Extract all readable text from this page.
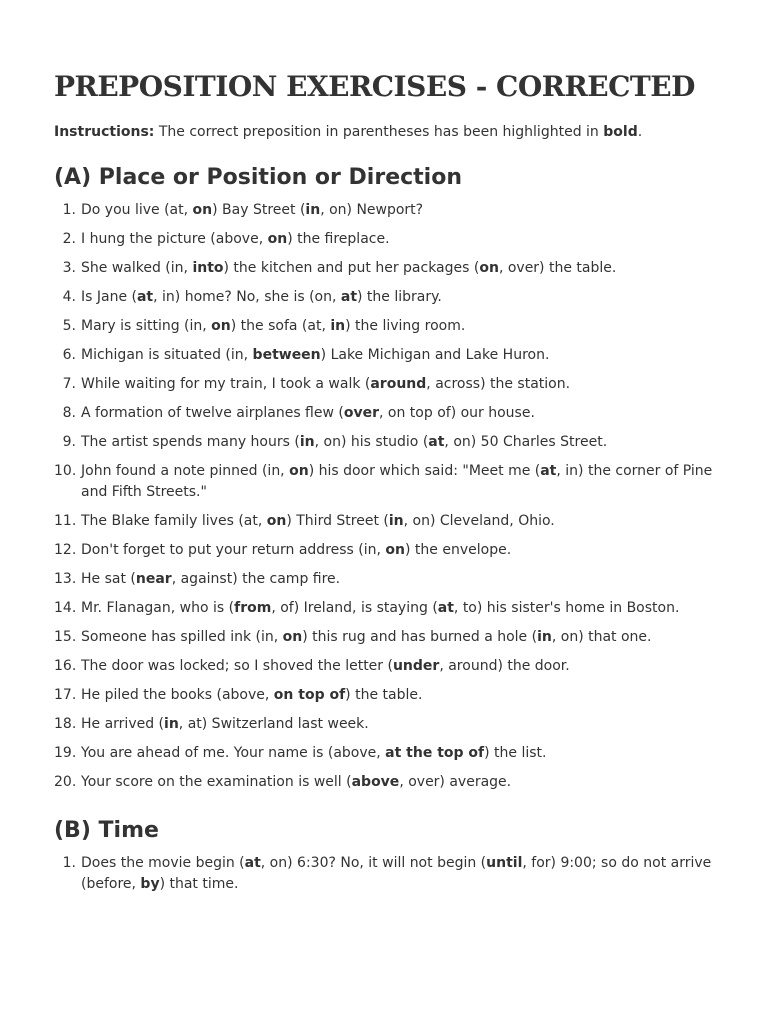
PREPOSITION EXERCISES - CORRECTED

Instructions: The correct preposition in parentheses has been highlighted in bold.

(A) Place or Position or Direction
1. Do you live (at, on) Bay Street (in, on) Newport?
2. I hung the picture (above, on) the fireplace.
3. She walked (in, into) the kitchen and put her packages (on, over) the table.
4. Is Jane (at, in) home? No, she is (on, at) the library.
5. Mary is sitting (in, on) the sofa (at, in) the living room.
6. Michigan is situated (in, between) Lake Michigan and Lake Huron.
7. While waiting for my train, I took a walk (around, across) the station.
8. A formation of twelve airplanes flew (over, on top of) our house.
9. The artist spends many hours (in, on) his studio (at, on) 50 Charles Street.
10. John found a note pinned (in, on) his door which said: "Meet me (at, in) the corner of Pine and Fifth Streets."
11. The Blake family lives (at, on) Third Street (in, on) Cleveland, Ohio.
12. Don't forget to put your return address (in, on) the envelope.
13. He sat (near, against) the camp fire.
14. Mr. Flanagan, who is (from, of) Ireland, is staying (at, to) his sister's home in Boston.
15. Someone has spilled ink (in, on) this rug and has burned a hole (in, on) that one.
16. The door was locked; so I shoved the letter (under, around) the door.
17. He piled the books (above, on top of) the table.
18. He arrived (in, at) Switzerland last week.
19. You are ahead of me. Your name is (above, at the top of) the list.
20. Your score on the examination is well (above, over) average.
(B) Time
1. Does the movie begin (at, on) 6:30? No, it will not begin (until, for) 9:00; so do not arrive (before, by) that time.
